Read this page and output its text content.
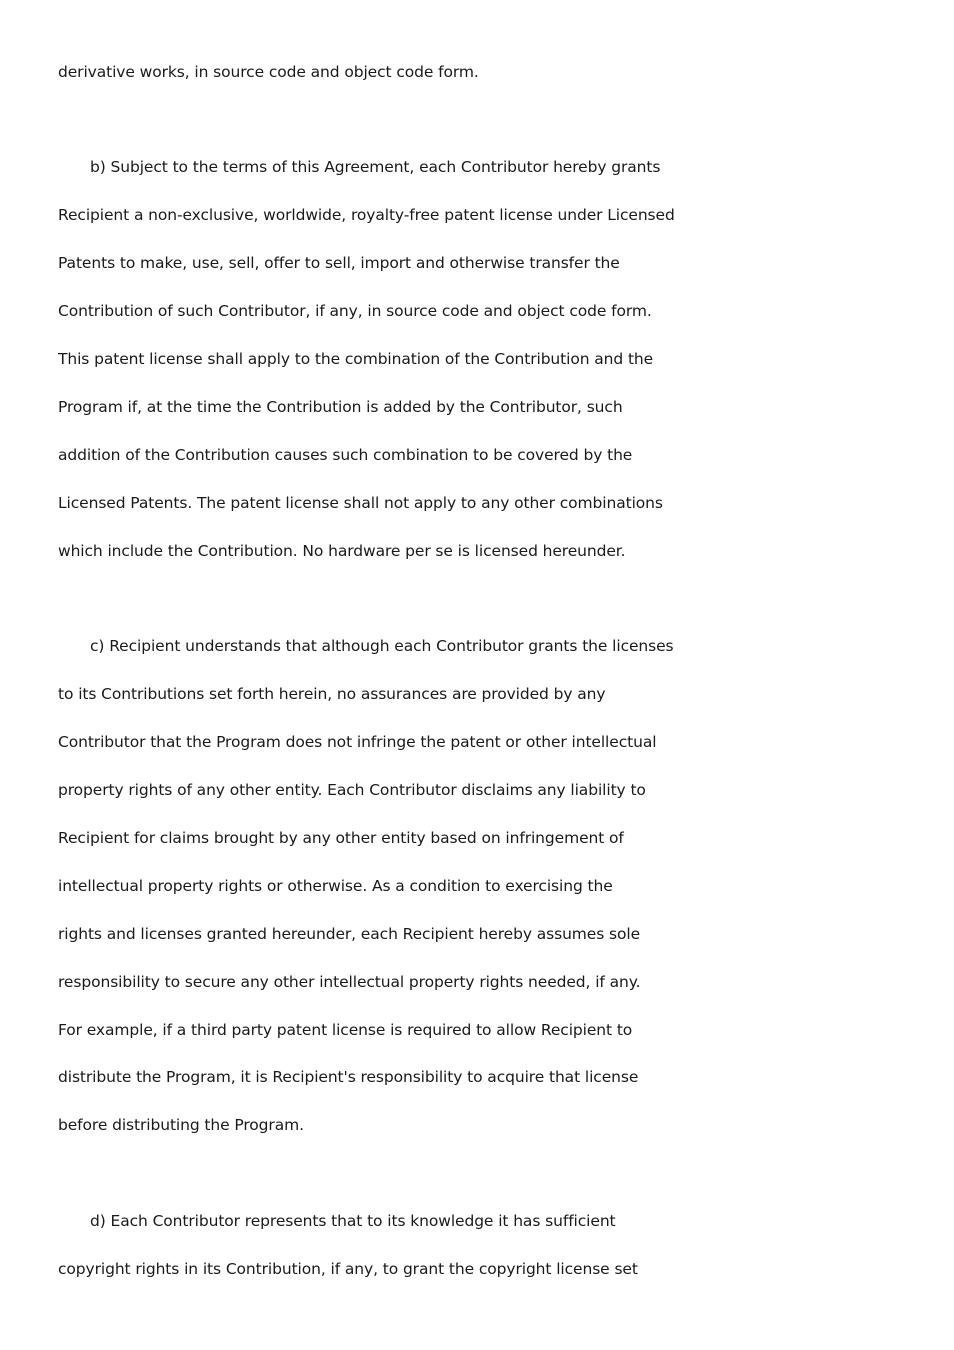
derivative works, in source code and object code form.
b) Subject to the terms of this Agreement, each Contributor hereby grants
Recipient a non-exclusive, worldwide, royalty-free patent license under Licensed
Patents to make, use, sell, offer to sell, import and otherwise transfer the
Contribution of such Contributor, if any, in source code and object code form.
This patent license shall apply to the combination of the Contribution and the
Program if, at the time the Contribution is added by the Contributor, such
addition of the Contribution causes such combination to be covered by the
Licensed Patents. The patent license shall not apply to any other combinations
which include the Contribution. No hardware per se is licensed hereunder.
c) Recipient understands that although each Contributor grants the licenses
to its Contributions set forth herein, no assurances are provided by any
Contributor that the Program does not infringe the patent or other intellectual
property rights of any other entity. Each Contributor disclaims any liability to
Recipient for claims brought by any other entity based on infringement of
intellectual property rights or otherwise. As a condition to exercising the
rights and licenses granted hereunder, each Recipient hereby assumes sole
responsibility to secure any other intellectual property rights needed, if any.
For example, if a third party patent license is required to allow Recipient to
distribute the Program, it is Recipient's responsibility to acquire that license
before distributing the Program.
d) Each Contributor represents that to its knowledge it has sufficient
copyright rights in its Contribution, if any, to grant the copyright license set
